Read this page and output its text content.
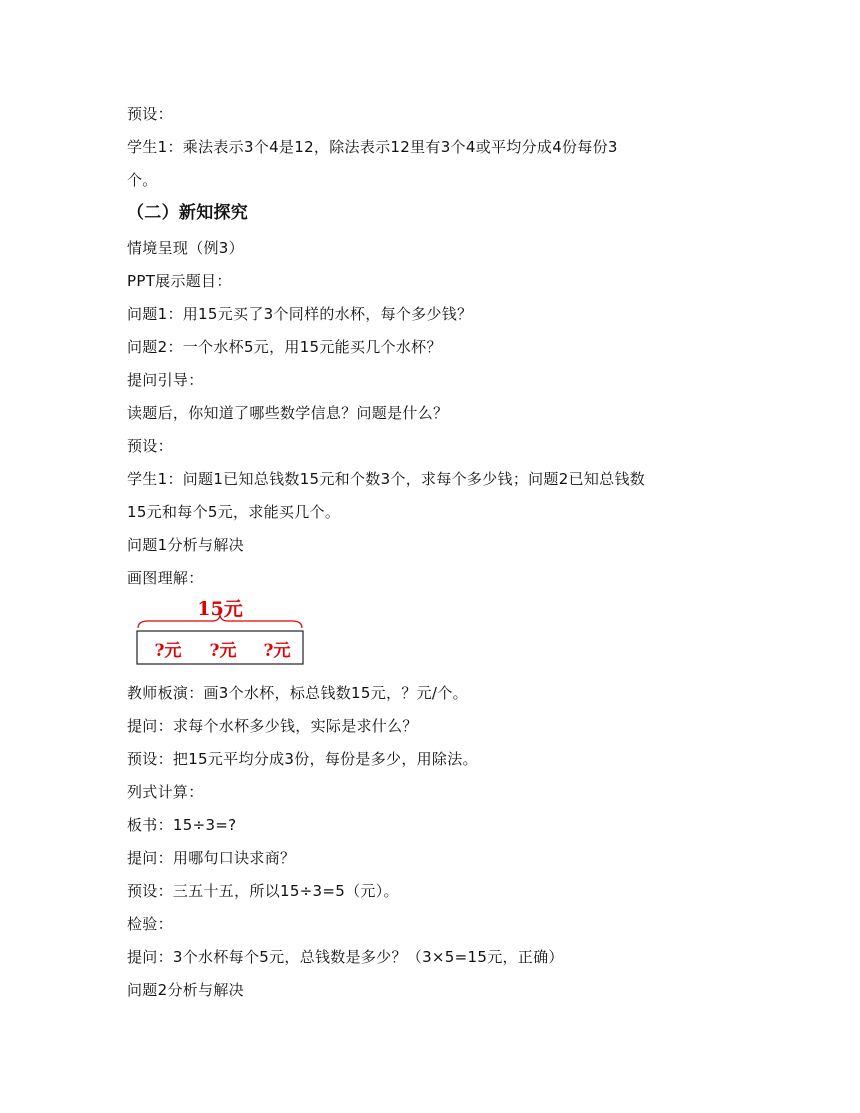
预设：
学生1：乘法表示3个4是12，除法表示12里有3个4或平均分成4份每份3
个。
（二）新知探究
情境呈现（例3）
PPT展示题目：
问题1：用15元买了3个同样的水杯，每个多少钱？
问题2：一个水杯5元，用15元能买几个水杯？
提问引导：
读题后，你知道了哪些数学信息？问题是什么？
预设：
学生1：问题1已知总钱数15元和个数3个，求每个多少钱；问题2已知总钱数
15元和每个5元，求能买几个。
问题1分析与解决
画图理解：
15元
?元 ?元 ?元
教师板演：画3个水杯，标总钱数15元，？元/个。
提问：求每个水杯多少钱，实际是求什么？
预设：把15元平均分成3份，每份是多少，用除法。
列式计算：
板书：15÷3=?
提问：用哪句口诀求商？
预设：三五十五，所以15÷3=5（元）。
检验：
提问：3个水杯每个5元，总钱数是多少？（3×5=15元，正确）
问题2分析与解决
